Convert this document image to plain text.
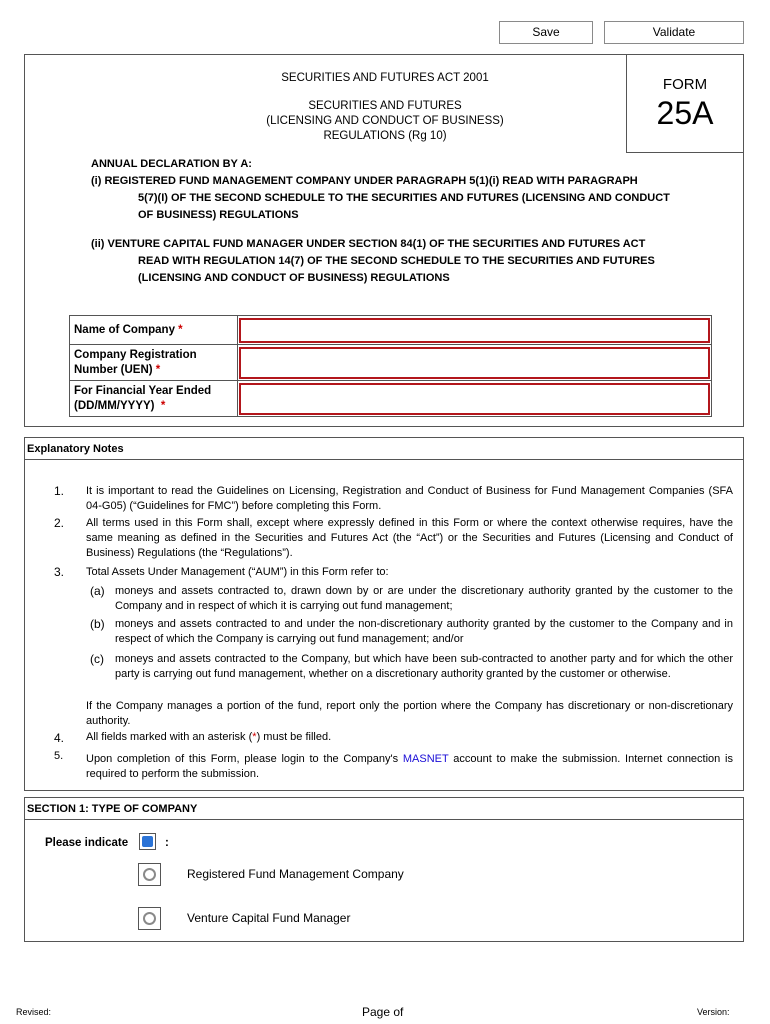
Save	Validate
SECURITIES AND FUTURES ACT 2001
SECURITIES AND FUTURES
(LICENSING AND CONDUCT OF BUSINESS)
REGULATIONS (Rg 10)
FORM
25A
ANNUAL DECLARATION BY A:
(i) REGISTERED FUND MANAGEMENT COMPANY UNDER PARAGRAPH 5(1)(i) READ WITH PARAGRAPH
5(7)(I) OF THE SECOND SCHEDULE TO THE SECURITIES AND FUTURES (LICENSING AND CONDUCT
OF BUSINESS) REGULATIONS
(ii) VENTURE CAPITAL FUND MANAGER UNDER SECTION 84(1) OF THE SECURITIES AND FUTURES ACT
READ WITH REGULATION 14(7) OF THE SECOND SCHEDULE TO THE SECURITIES AND FUTURES
(LICENSING AND CONDUCT OF BUSINESS) REGULATIONS
Name of Company *	

Company Registration
Number (UEN) *	

For Financial Year Ended
(DD/MM/YYYY) *	
Explanatory Notes
1. It is important to read the Guidelines on Licensing, Registration and Conduct of Business for Fund Management Companies (SFA 04-G05) (“Guidelines for FMC”) before completing this Form.
2. All terms used in this Form shall, except where expressly defined in this Form or where the context otherwise requires, have the same meaning as defined in the Securities and Futures Act (the “Act”) or the Securities and Futures (Licensing and Conduct of Business) Regulations (the “Regulations”).
3. Total Assets Under Management (“AUM”) in this Form refer to:
(a) moneys and assets contracted to, drawn down by or are under the discretionary authority granted by the customer to the Company and in respect of which it is carrying out fund management;
(b) moneys and assets contracted to and under the non-discretionary authority granted by the customer to the Company and in respect of which the Company is carrying out fund management; and/or
(c) moneys and assets contracted to the Company, but which have been sub-contracted to another party and for which the other party is carrying out fund management, whether on a discretionary authority granted by the customer or otherwise.
If the Company manages a portion of the fund, report only the portion where the Company has discretionary or non-discretionary authority.
4. All fields marked with an asterisk (*) must be filled.
5. Upon completion of this Form, please login to the Company's MASNET account to make the submission. Internet connection is required to perform the submission.
SECTION 1: TYPE OF COMPANY
Please indicate	:
Registered Fund Management Company
Venture Capital Fund Manager
Revised:	Page of	Version:
